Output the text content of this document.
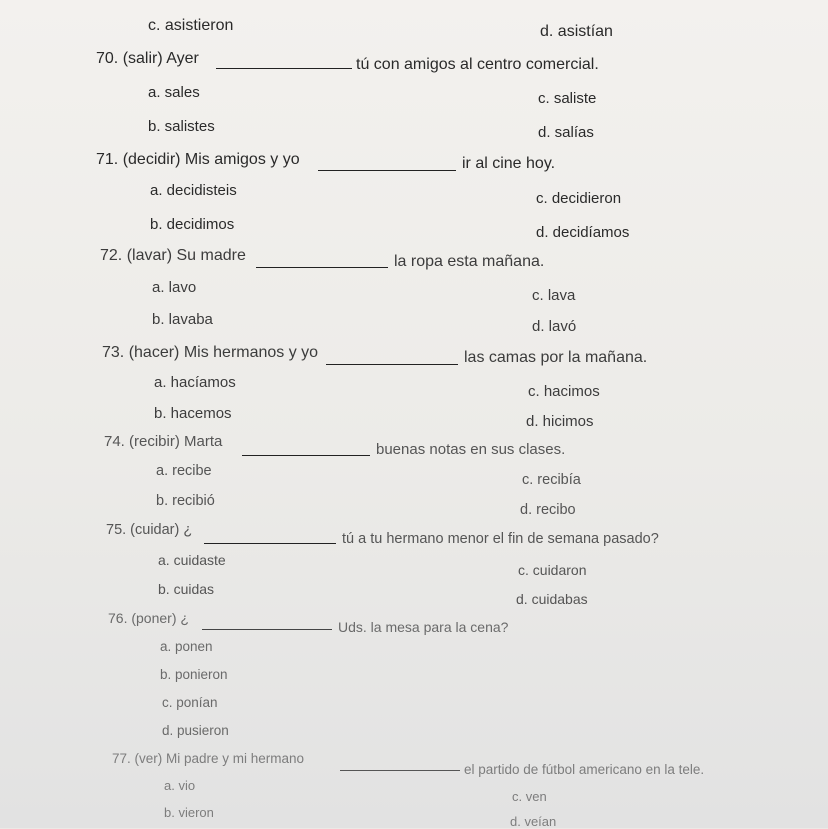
c. asistieron	d. asistían
70. (salir) Ayer	tú con amigos al centro comercial.
a. sales
b. salistes
c. saliste
d. salías
71. (decidir) Mis amigos y yo	ir al cine hoy.
a. decidisteis
b. decidimos
c. decidieron
d. decidíamos
72. (lavar) Su madre	la ropa esta mañana.
a. lavo
b. lavaba
c. lava
d. lavó
73. (hacer) Mis hermanos y yo	las camas por la mañana.
a. hacíamos
b. hacemos
c. hacimos
d. hicimos
74. (recibir) Marta	buenas notas en sus clases.
a. recibe
b. recibió
c. recibía
d. recibo
75. (cuidar) ¿
tú a tu hermano menor el fin de semana pasado?
a. cuidaste
b. cuidas
c. cuidaron
d. cuidabas
76. (poner) ¿
Uds. la mesa para la cena?
a. ponen
b. ponieron
c. ponían
d. pusieron
77. (ver) Mi padre y mi hermano
el partido de fútbol americano en la tele.
a. vio
b. vieron
c. ven
d. veían
